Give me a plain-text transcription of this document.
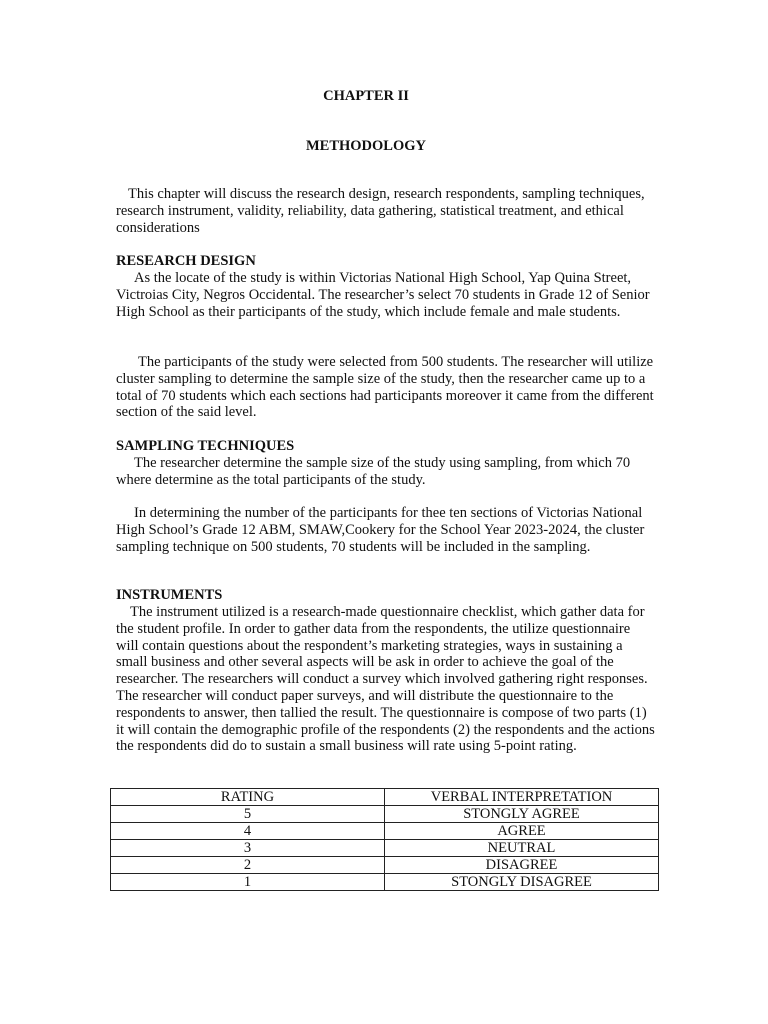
CHAPTER II
METHODOLOGY
This chapter will discuss the research design, research respondents, sampling techniques, research instrument, validity, reliability, data gathering, statistical treatment, and ethical considerations
RESEARCH DESIGN
As the locate of the study is within Victorias National High School, Yap Quina Street, Victroias City, Negros Occidental. The researcher’s select 70 students in Grade 12 of Senior High School as their participants of the study, which include female and male students.
The participants of the study were selected from 500 students. The researcher will utilize cluster sampling to determine the sample size of the study, then the researcher came up to a total of 70 students which each sections had participants moreover it came from the different section of the said level.
SAMPLING TECHNIQUES
The researcher determine the sample size of the study using sampling, from which 70 where determine as the total participants of the study.
In determining the number of the participants for thee ten sections of Victorias National High School’s Grade 12 ABM, SMAW,Cookery for the School Year 2023-2024, the cluster sampling technique on 500 students, 70 students will be included in the sampling.
INSTRUMENTS
The instrument utilized is a research-made questionnaire checklist, which gather data for the student profile. In order to gather data from the respondents, the utilize questionnaire will contain questions about the respondent’s marketing strategies, ways in sustaining a small business and other several aspects will be ask in order to achieve the goal of the researcher. The researchers will conduct a survey which involved gathering right responses. The researcher will conduct paper surveys, and will distribute the questionnaire to the respondents to answer, then tallied the result. The questionnaire is compose of two parts (1) it will contain the demographic profile of the respondents (2) the respondents and the actions the respondents did do to sustain a small business will rate using 5-point rating.
RATING	VERBAL INTERPRETATION
5	STONGLY AGREE
4	AGREE
3	NEUTRAL
2	DISAGREE
1	STONGLY DISAGREE
